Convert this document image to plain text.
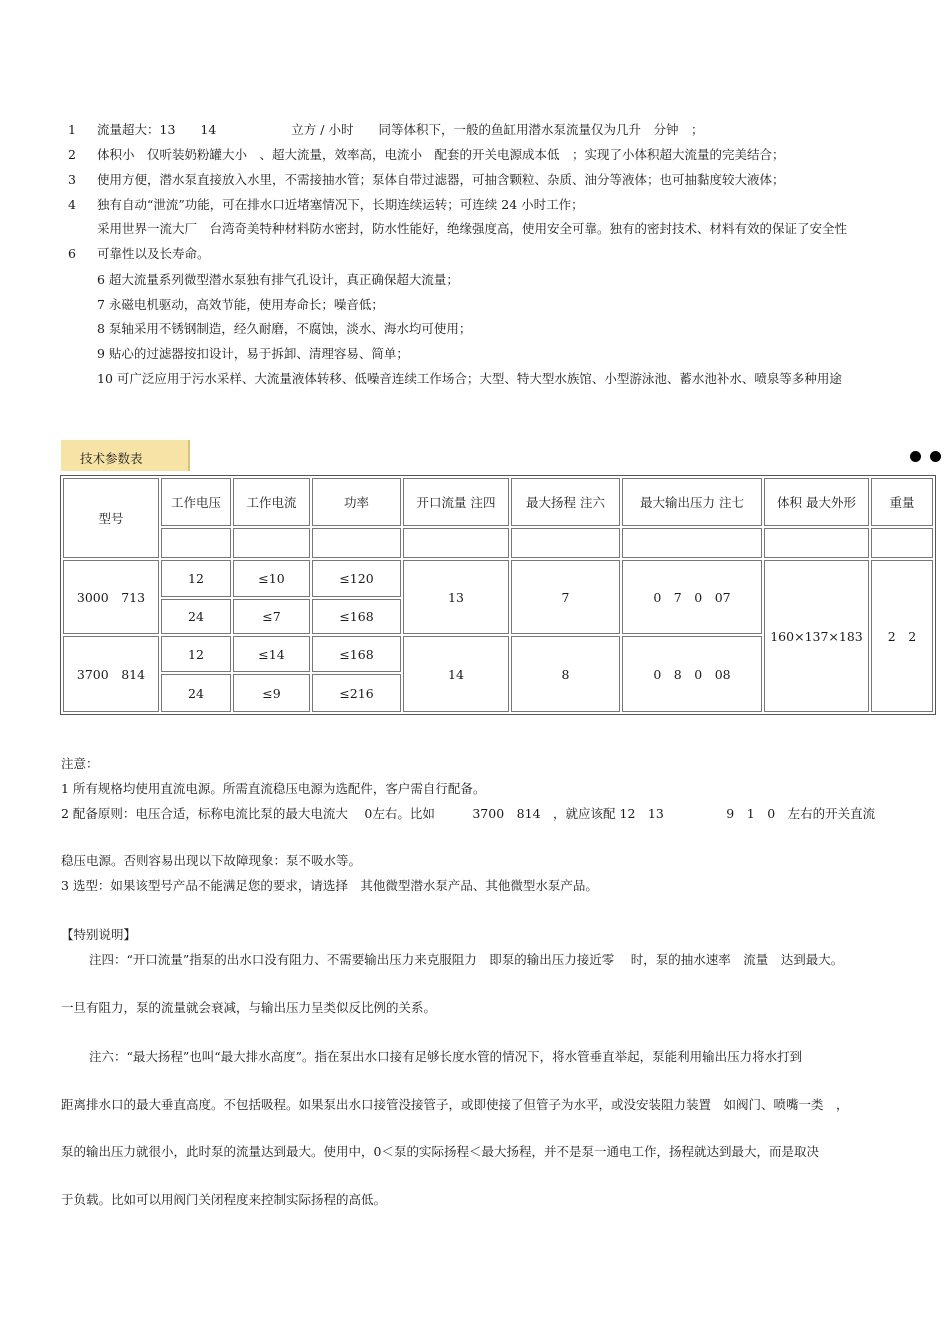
1 流量超大：13　　14　　　　　　立方 / 小时　　同等体积下，一般的鱼缸用潜水泵流量仅为几升　分钟　；
2 体积小　仅听装奶粉罐大小　、超大流量，效率高，电流小　配套的开关电源成本低　；实现了小体积超大流量的完美结合；
3 使用方便，潜水泵直接放入水里，不需接抽水管；泵体自带过滤器，可抽含颗粒、杂质、油分等液体；也可抽黏度较大液体；
4 独有自动“泄流”功能，可在排水口近堵塞情况下，长期连续运转；可连续 24 小时工作；
采用世界一流大厂　台湾奇美特种材料防水密封，防水性能好，绝缘强度高，使用安全可靠。独有的密封技术、材料有效的保证了安全性
6 可靠性以及长寿命。
6 超大流量系列微型潜水泵独有排气孔设计，真正确保超大流量；
7 永磁电机驱动，高效节能，使用寿命长；噪音低；
8 泵轴采用不锈钢制造，经久耐磨，不腐蚀，淡水、海水均可使用；
9 贴心的过滤器按扣设计，易于拆卸、清理容易、简单；
10 可广泛应用于污水采样、大流量液体转移、低噪音连续工作场合；大型、特大型水族馆、小型游泳池、蓄水池补水、喷泉等多种用途
技术参数表
型号	工作电压	工作电流	功率	开口流量 注四	最大扬程 注六	最大输出压力 注七	体积 最大外形	重量

3000　713	12	≤10	≤120	13	7	0　7　0　07	160×137×183	2　2
	24	≤7	≤168					
3700　814	12	≤14	≤168	14	8	0　8　0　08		
	24	≤9	≤216					
注意：
1 所有规格均使用直流电源。所需直流稳压电源为选配件，客户需自行配备。
2 配备原则：电压合适，标称电流比泵的最大电流大　 0左右。比如　　　3700　814　，就应该配 12　13　　　　　9　1　0　左右的开关直流
稳压电源。否则容易出现以下故障现象：泵不吸水等。
3 选型：如果该型号产品不能满足您的要求，请选择　其他微型潜水泵产品、其他微型水泵产品。
【特别说明】
注四：“开口流量”指泵的出水口没有阻力、不需要输出压力来克服阻力　即泵的输出压力接近零　 时，泵的抽水速率　流量　达到最大。
一旦有阻力，泵的流量就会衰减，与输出压力呈类似反比例的关系。
注六：“最大扬程”也叫“最大排水高度”。指在泵出水口接有足够长度水管的情况下，将水管垂直举起，泵能利用输出压力将水打到
距离排水口的最大垂直高度。不包括吸程。如果泵出水口接管没接管子，或即使接了但管子为水平，或没安装阻力装置　如阀门、喷嘴一类　，
泵的输出压力就很小，此时泵的流量达到最大。使用中，0＜泵的实际扬程＜最大扬程，并不是泵一通电工作，扬程就达到最大，而是取决
于负载。比如可以用阀门关闭程度来控制实际扬程的高低。
